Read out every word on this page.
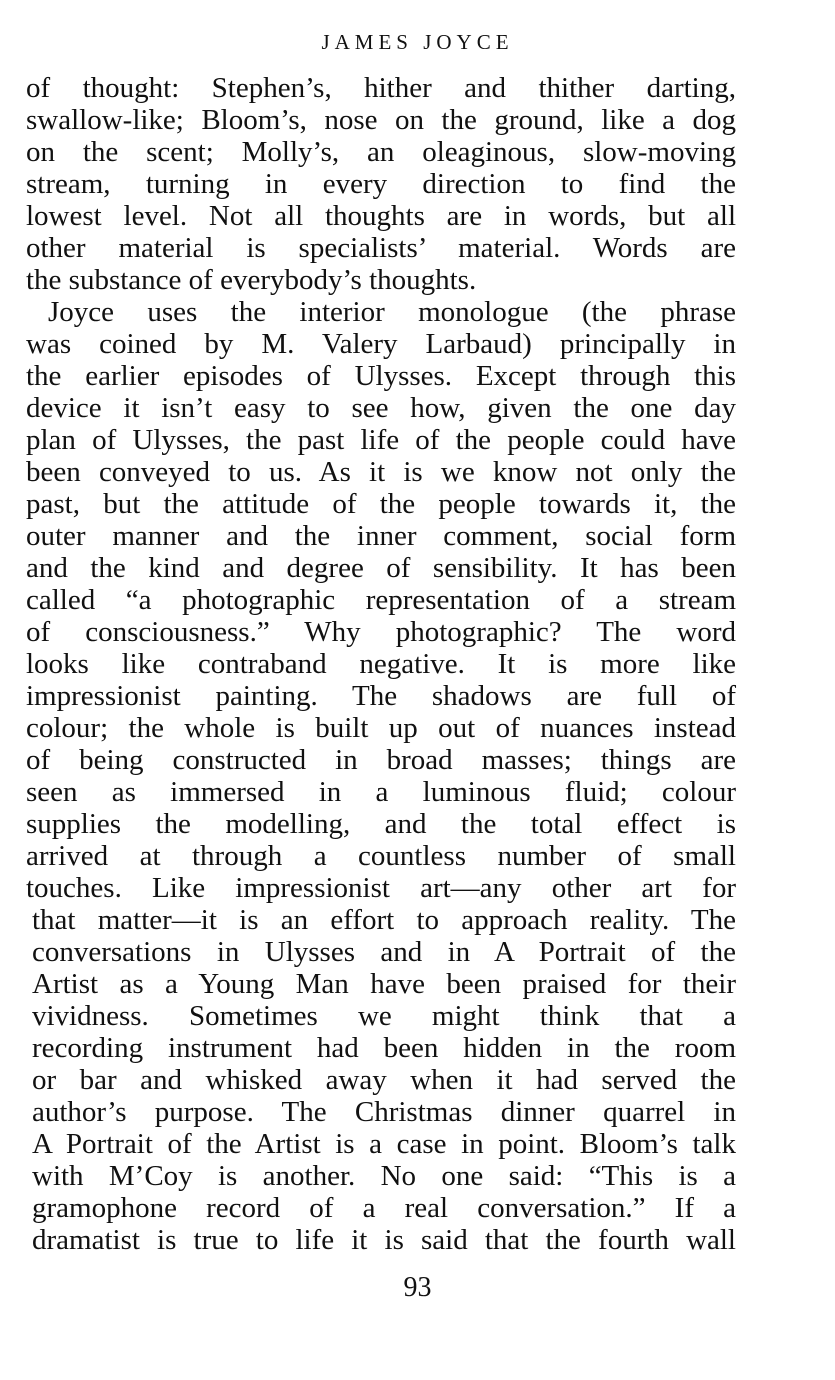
JAMES JOYCE
of thought: Stephen’s, hither and thither darting,
swallow-like; Bloom’s, nose on the ground, like a dog
on the scent; Molly’s, an oleaginous, slow-moving
stream, turning in every direction to find the
lowest level. Not all thoughts are in words, but all
other material is specialists’ material. Words are
the substance of everybody’s thoughts.
Joyce uses the interior monologue (the phrase
was coined by M. Valery Larbaud) principally in
the earlier episodes of Ulysses. Except through this
device it isn’t easy to see how, given the one day
plan of Ulysses, the past life of the people could have
been conveyed to us. As it is we know not only the
past, but the attitude of the people towards it, the
outer manner and the inner comment, social form
and the kind and degree of sensibility. It has been
called “a photographic representation of a stream
of consciousness.” Why photographic? The word
looks like contraband negative. It is more like
impressionist painting. The shadows are full of
colour; the whole is built up out of nuances instead
of being constructed in broad masses; things are
seen as immersed in a luminous fluid; colour
supplies the modelling, and the total effect is
arrived at through a countless number of small
touches. Like impressionist art—any other art for
that matter—it is an effort to approach reality. The
conversations in Ulysses and in A Portrait of the
Artist as a Young Man have been praised for their
vividness. Sometimes we might think that a
recording instrument had been hidden in the room
or bar and whisked away when it had served the
author’s purpose. The Christmas dinner quarrel in
A Portrait of the Artist is a case in point. Bloom’s talk
with M’Coy is another. No one said: “This is a
gramophone record of a real conversation.” If a
dramatist is true to life it is said that the fourth wall
93
